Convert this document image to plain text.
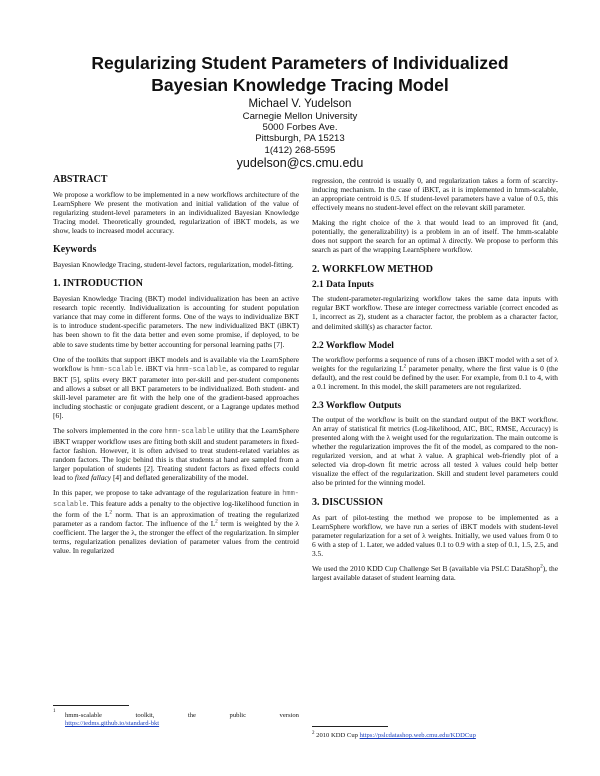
Regularizing Student Parameters of Individualized
Bayesian Knowledge Tracing Model
Michael V. Yudelson
Carnegie Mellon University
5000 Forbes Ave.
Pittsburgh, PA 15213
1(412) 268-5595
yudelson@cs.cmu.edu
ABSTRACT

We propose a workflow to be implemented in a new workflows architecture of the LearnSphere We present the motivation and initial validation of the value of regularizing student-level parameters in an individualized Bayesian Knowledge Tracing model. Theoretically grounded, regularization of iBKT models, as we show, leads to increased model accuracy.

Keywords

Bayesian Knowledge Tracing, student-level factors, regularization, model-fitting.

1. INTRODUCTION

Bayesian Knowledge Tracing (BKT) model individualization has been an active research topic recently. Individualization is accounting for student population variance that may come in different forms. One of the ways to individualize BKT is to introduce student-specific parameters. The new individualized BKT (iBKT) has been shown to fit the data better and even some promise, if deployed, to be able to save students time by better accounting for personal learning paths [7].

One of the toolkits that support iBKT models and is available via the LearnSphere workflow is hmm-scalable. iBKT via hmm-scalable, as compared to regular BKT [5], splits every BKT parameter into per-skill and per-student components and allows a subset or all BKT parameters to be individualized. Both student- and skill-level parameter are fit with the help one of the gradient-based approaches including stochastic or conjugate gradient descent, or a Lagrange updates method [6].

The solvers implemented in the core hmm-scalable utility that the LearnSphere iBKT wrapper workflow uses are fitting both skill and student parameters in fixed-factor fashion. However, it is often advised to treat student-related variables as random factors. The logic behind this is that students at hand are sampled from a larger population of students [2]. Treating student factors as fixed effects could lead to fixed fallacy [4] and deflated generalizability of the model.

In this paper, we propose to take advantage of the regularization feature in hmm-scalable. This feature adds a penalty to the objective log-likelihood function in the form of the $L^2$ norm. That is an approximation of treating the regularized parameter as a random factor. The influence of the $L^2$ term is weighted by the λ coefficient. The larger the λ, the stronger the effect of the regularization. In simpler terms, regularization penalizes deviation of parameter values from the centroid value. In regularized

$^1$
hmm-scalable	toolkit,	the	public	version
https://iedms.github.io/standard-bkt

regression, the centroid is usually 0, and regularization takes a form of scarcity-inducing mechanism. In the case of iBKT, as it is implemented in hmm-scalable, an appropriate centroid is 0.5. If student-level parameters have a value of 0.5, this effectively means no student-level effect on the relevant skill parameter.

Making the right choice of the λ that would lead to an improved fit (and, potentially, the generalizability) is a problem in an of itself. The hmm-scalable does not support the search for an optimal λ directly. We propose to perform this search as part of the wrapping LearnSphere workflow.

2. WORKFLOW METHOD
2.1 Data Inputs

The student-parameter-regularizing workflow takes the same data inputs with regular BKT workflow. These are integer correctness variable (correct encoded as 1, incorrect as 2), student as a character factor, the problem as a character factor, and delimited skill(s) as character factor.

2.2 Workflow Model

The workflow performs a sequence of runs of a chosen iBKT model with a set of λ weights for the regularizing $L^2$ parameter penalty, where the first value is 0 (the default), and the rest could be defined by the user. For example, from 0.1 to 4, with a 0.1 increment. In this model, the skill parameters are not regularized.

2.3 Workflow Outputs

The output of the workflow is built on the standard output of the BKT workflow. An array of statistical fit metrics (Log-likelihood, AIC, BIC, RMSE, Accuracy) is presented along with the λ weight used for the regularization. The main outcome is whether the regularization improves the fit of the model, as compared to the non-regularized version, and at what λ value. A graphical web-friendly plot of a selected via drop-down fit metric across all tested λ values could help better visualize the effect of the regularization. Skill and student level parameters could also be printed for the winning model.

3. DISCUSSION

As part of pilot-testing the method we propose to be implemented as a LearnSphere workflow, we have run a series of iBKT models with student-level parameter regularization for a set of λ weights. Initially, we used values from 0 to 6 with a step of 1. Later, we added values 0.1 to 0.9 with a step of 0.1, 1.5, 2.5, and 3.5.

We used the 2010 KDD Cup Challenge Set B (available via PSLC DataShop$^2$), the largest available dataset of student learning data.

$^2$ 2010 KDD Cup https://pslcdatashop.web.cmu.edu/KDDCup
